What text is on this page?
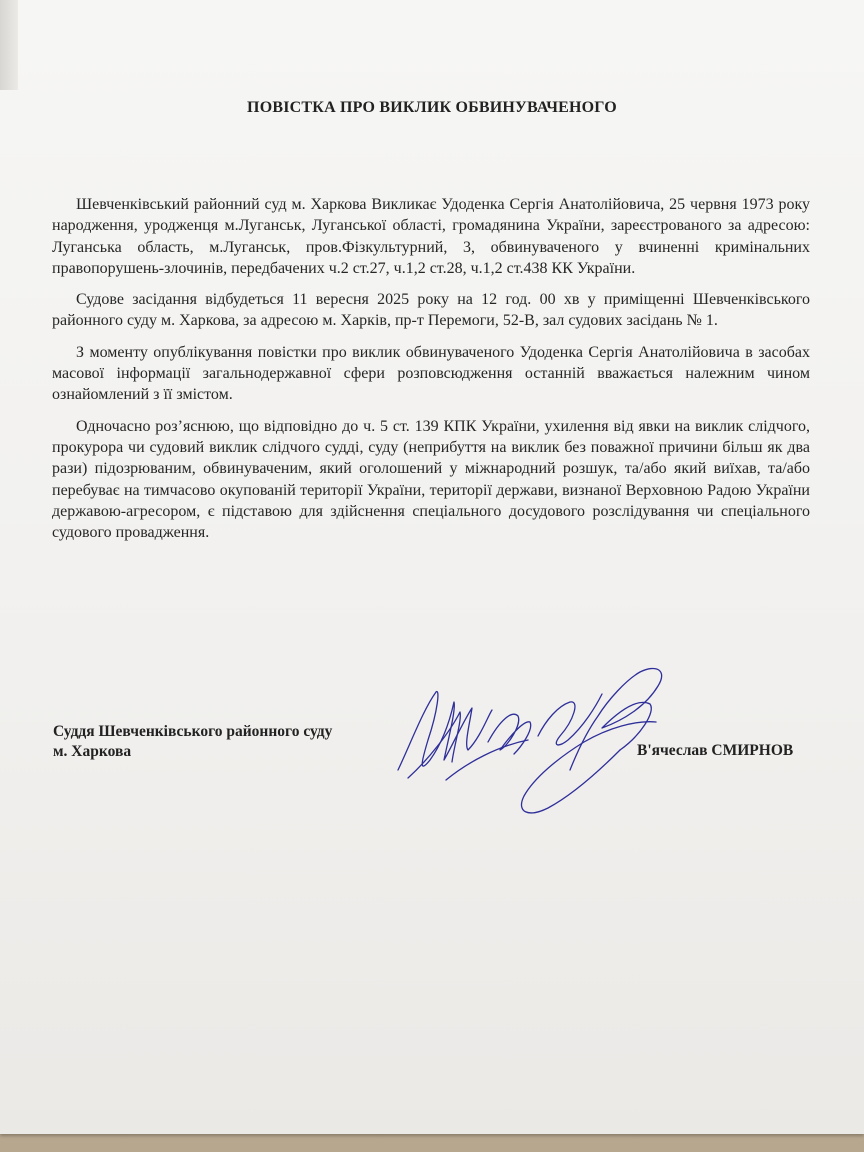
ПОВІСТКА ПРО ВИКЛИК ОБВИНУВАЧЕНОГО

Шевченківський районний суд м. Харкова Викликає Удоденка Сергія Анатолійовича, 25 червня 1973 року народження, уродженця м.Луганськ, Луганської області, громадянина України, зареєстрованого за адресою: Луганська область, м.Луганськ, пров.Фізкультурний, 3, обвинуваченого у вчиненні кримінальних правопорушень-злочинів, передбачених ч.2 ст.27, ч.1,2 ст.28, ч.1,2 ст.438 КК України.

Судове засідання відбудеться 11 вересня 2025 року на 12 год. 00 хв у приміщенні Шевченківського районного суду м. Харкова, за адресою м. Харків, пр-т Перемоги, 52-В, зал судових засідань № 1.

З моменту опублікування повістки про виклик обвинуваченого Удоденка Сергія Анатолійовича в засобах масової інформації загальнодержавної сфери розповсюдження останній вважається належним чином ознайомлений з її змістом.

Одночасно роз’яснюю, що відповідно до ч. 5 ст. 139 КПК України, ухилення від явки на виклик слідчого, прокурора чи судовий виклик слідчого судді, суду (неприбуття на виклик без поважної причини більш як два рази) підозрюваним, обвинуваченим, який оголошений у міжнародний розшук, та/або який виїхав, та/або перебуває на тимчасово окупованій території України, території держави, визнаної Верховною Радою України державою-агресором, є підставою для здійснення спеціального досудового розслідування чи спеціального судового провадження.

Суддя Шевченківського районного суду
м. Харкова	В'ячеслав СМИРНОВ
